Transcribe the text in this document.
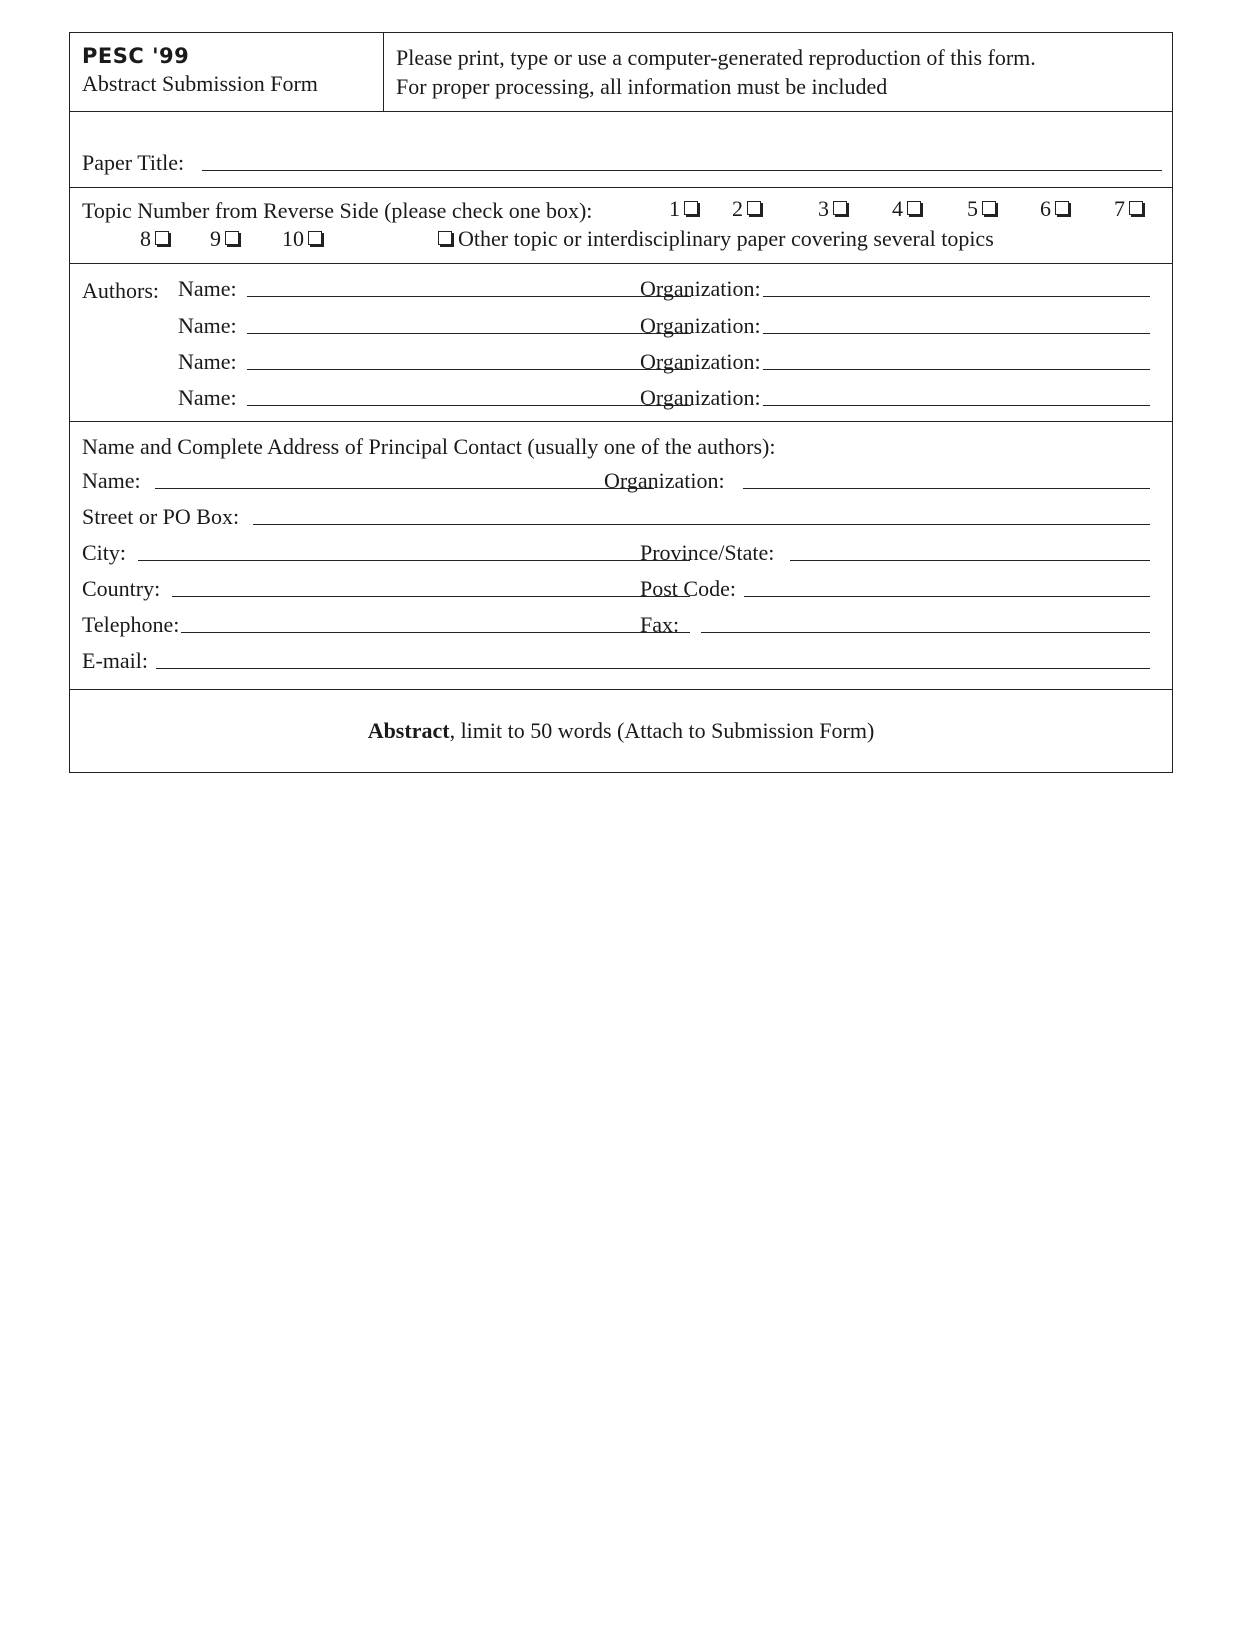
PESC '99
Abstract Submission Form
Please print, type or use a computer-generated reproduction of this form.
For proper processing, all information must be included
Paper Title:
Topic Number from Reverse Side (please check one box):	1	2	3	4	5	6	7
8	9	10	Other topic or interdisciplinary paper covering several topics
Authors: Name:	Organization:
Name:	Organization:
Name:	Organization:
Name:	Organization:
Name and Complete Address of Principal Contact (usually one of the authors):
Name:	Organization:
Street or PO Box:
City:	Province/State:
Country:	Post Code:
Telephone:	Fax:
E-mail:
Abstract, limit to 50 words (Attach to Submission Form)
